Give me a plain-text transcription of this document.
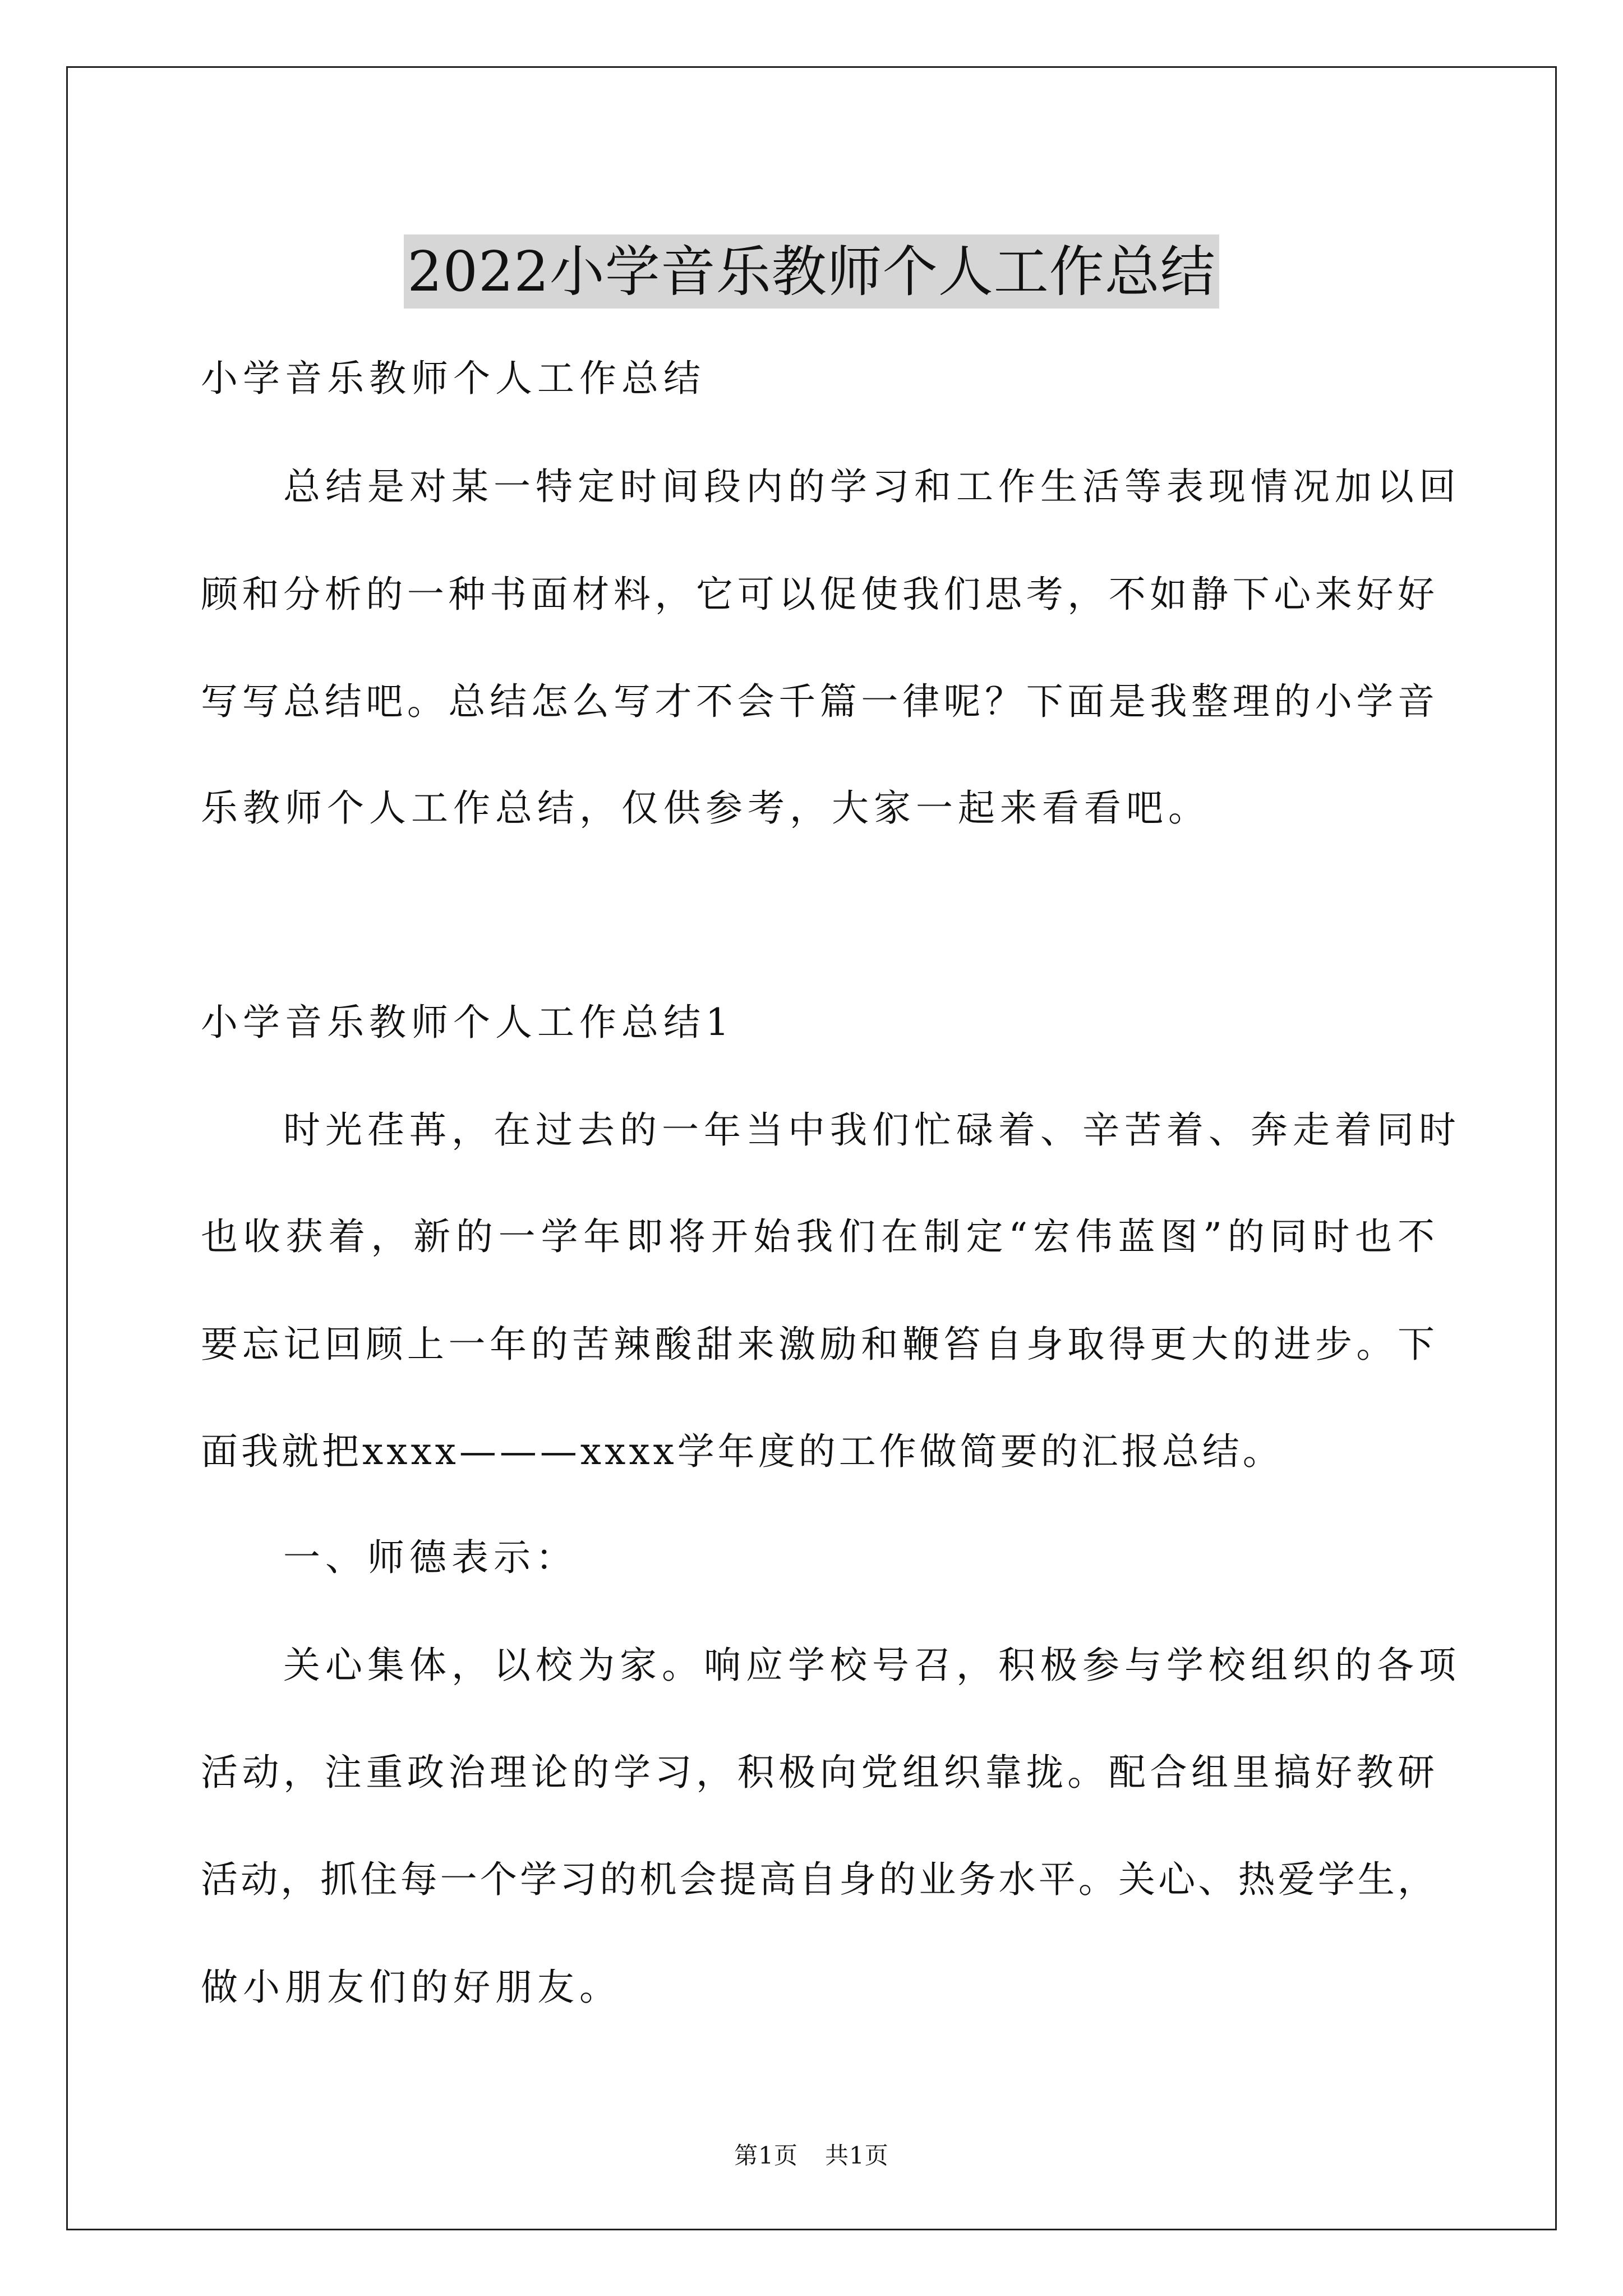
2022小学音乐教师个人工作总结
小学音乐教师个人工作总结
总结是对某一特定时间段内的学习和工作生活等表现情况加以回
顾和分析的一种书面材料，它可以促使我们思考，不如静下心来好好
写写总结吧。总结怎么写才不会千篇一律呢？下面是我整理的小学音
乐教师个人工作总结，仅供参考，大家一起来看看吧。
小学音乐教师个人工作总结1
时光荏苒，在过去的一年当中我们忙碌着、辛苦着、奔走着同时
也收获着，新的一学年即将开始我们在制定“宏伟蓝图”的同时也不
要忘记回顾上一年的苦辣酸甜来激励和鞭笞自身取得更大的进步。下
面我就把xxxx———xxxx学年度的工作做简要的汇报总结。
一、师德表示：
关心集体，以校为家。响应学校号召，积极参与学校组织的各项
活动，注重政治理论的学习，积极向党组织靠拢。配合组里搞好教研
活动，抓住每一个学习的机会提高自身的业务水平。关心、热爱学生，
做小朋友们的好朋友。
第1页 共1页
